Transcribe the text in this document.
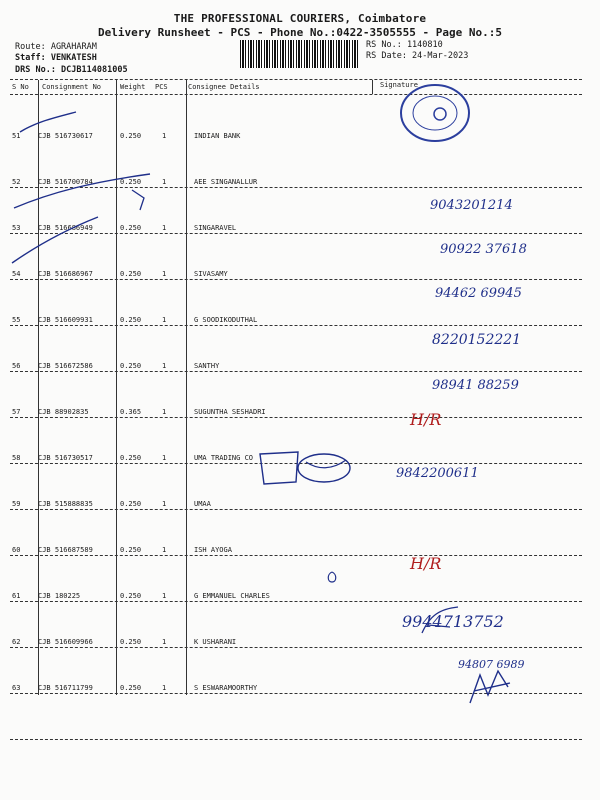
THE PROFESSIONAL COURIERS, Coimbatore
Delivery Runsheet - PCS - Phone No.:0422-3505555 - Page No.:5
Route: AGRAHARAM
Staff: VENKATESH
DRS No.: DCJB114081005
RS No.: 1140810
RS Date: 24-Mar-2023
S No Consignment No	Weight PCS	Consignee Details	Signature
51	CJB 516730617	0.250	1	INDIAN BANK
52	CJB 516700784	0.250	1	AEE SINGANALLUR
9043201214
53	CJB 516686949	0.250	1	SINGARAVEL
90922 37618
54	CJB 516686967	0.250	1	SIVASAMY
94462 69945
55	CJB 516609931	0.250	1	G SOODIKODUTHAL
8220152221
56	CJB 516672586	0.250	1	SANTHY
98941 88259
57	CJB 88902835	0.365	1	SUGUNTHA SESHADRI	H/R
58	CJB 516730517	0.250	1	UMA TRADING CO
9842200611
59	CJB 515888835	0.250	1	UMAA
60	CJB 516687589	0.250	1	ISH AYOGA
H/R
61	CJB 180225	0.250	1	G EMMANUEL CHARLES
9944713752
62	CJB 516609966	0.250	1	K USHARANI
94807 6989
63	CJB 516711799	0.250	1	S ESWARAMOORTHY
